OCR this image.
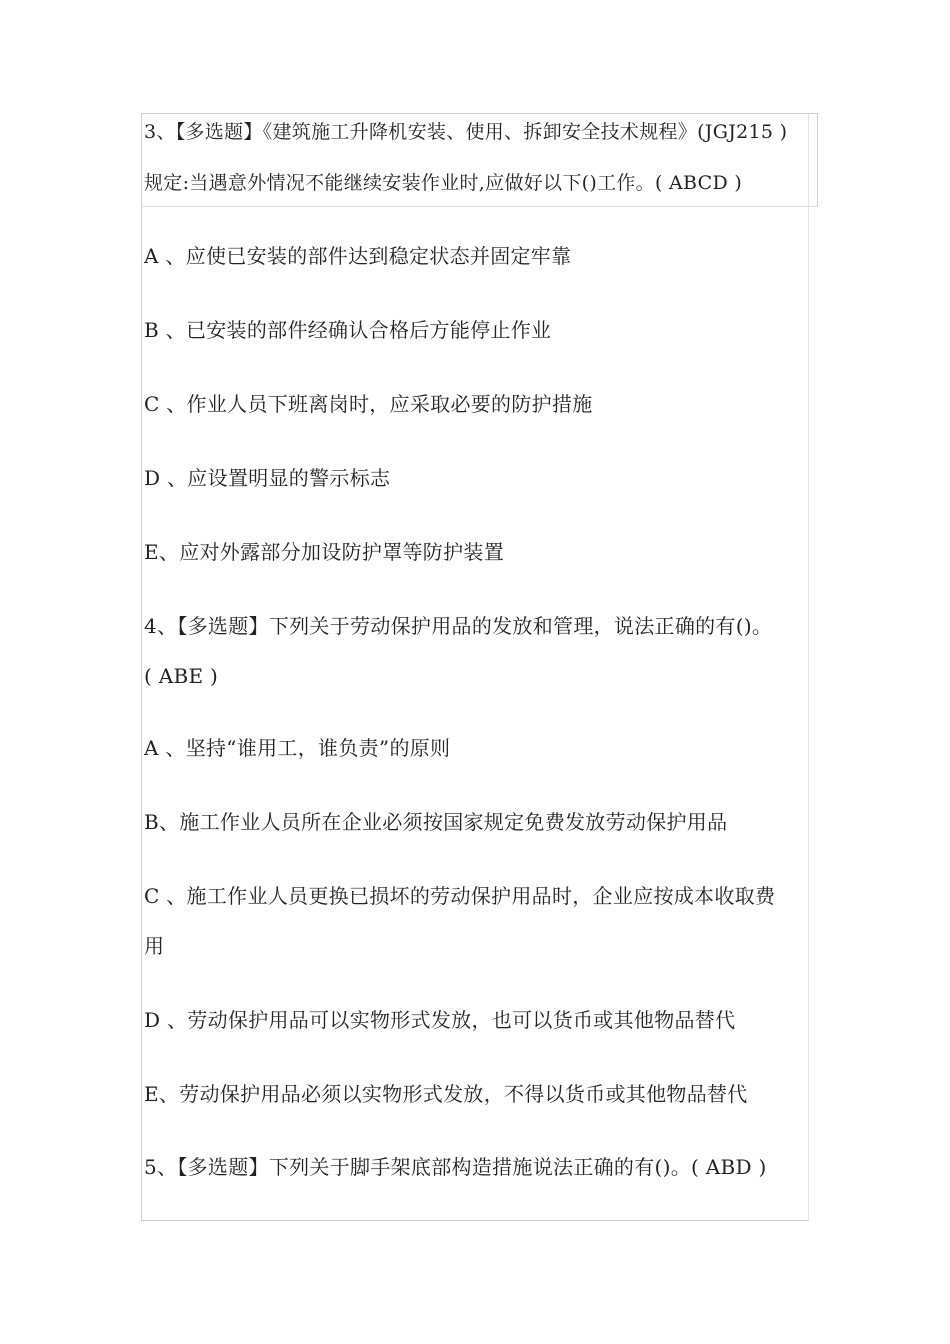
3、【多选题】《建筑施工升降机安装、使用、拆卸安全技术规程》(JGJ215 )
规定:当遇意外情况不能继续安装作业时,应做好以下()工作。( ABCD )
A 、应使已安装的部件达到稳定状态并固定牢靠
B 、已安装的部件经确认合格后方能停止作业
C 、作业人员下班离岗时，应采取必要的防护措施
D 、应设置明显的警示标志
E、应对外露部分加设防护罩等防护装置
4、【多选题】下列关于劳动保护用品的发放和管理，说法正确的有()。
( ABE )
A 、坚持“谁用工，谁负责”的原则
B、施工作业人员所在企业必须按国家规定免费发放劳动保护用品
C 、施工作业人员更换已损坏的劳动保护用品时，企业应按成本收取费
用
D 、劳动保护用品可以实物形式发放，也可以货币或其他物品替代
E、劳动保护用品必须以实物形式发放，不得以货币或其他物品替代
5、【多选题】下列关于脚手架底部构造措施说法正确的有()。( ABD )
